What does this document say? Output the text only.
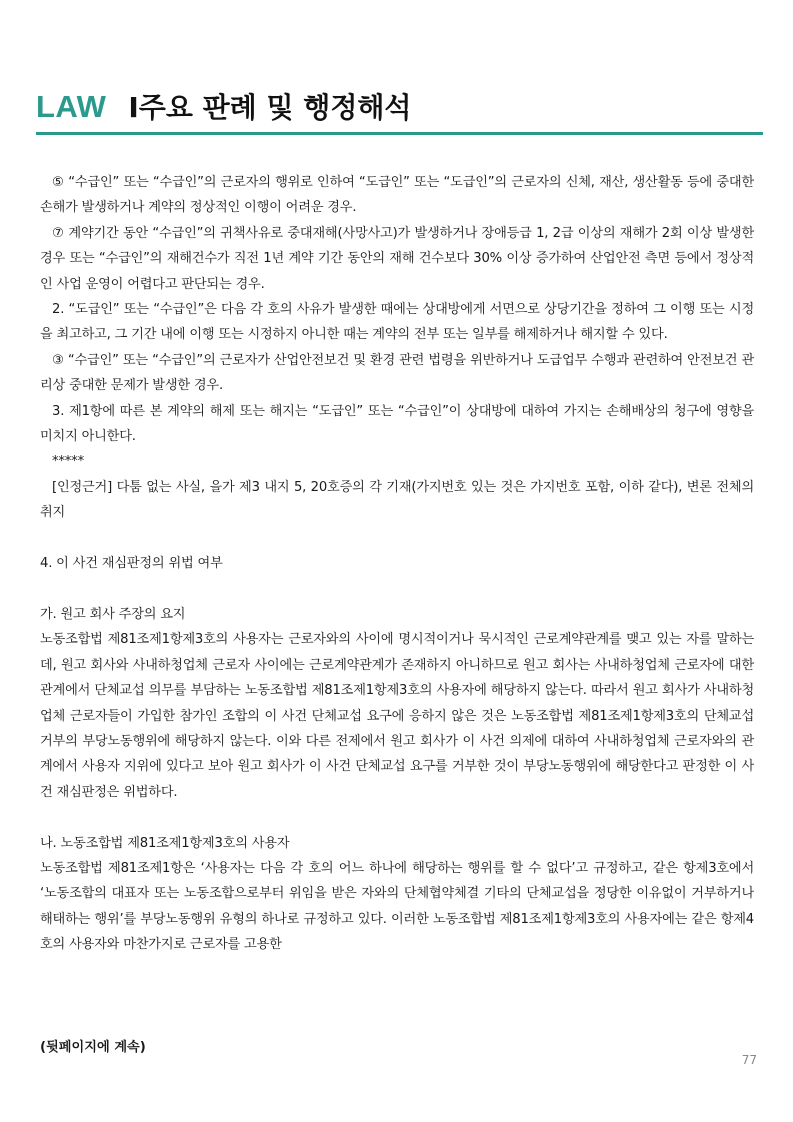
LAW Ⅰ주요 판례 및 행정해석

⑤ “수급인” 또는 “수급인”의 근로자의 행위로 인하여 “도급인” 또는 “도급인”의 근로자의 신체, 재산, 생산활동 등에 중대한 손해가 발생하거나 계약의 정상적인 이행이 어려운 경우.

⑦ 계약기간 동안 “수급인”의 귀책사유로 중대재해(사망사고)가 발생하거나 장애등급 1, 2급 이상의 재해가 2회 이상 발생한 경우 또는 “수급인”의 재해건수가 직전 1년 계약 기간 동안의 재해 건수보다 30% 이상 증가하여 산업안전 측면 등에서 정상적인 사업 운영이 어렵다고 판단되는 경우.

2. “도급인” 또는 “수급인”은 다음 각 호의 사유가 발생한 때에는 상대방에게 서면으로 상당기간을 정하여 그 이행 또는 시정을 최고하고, 그 기간 내에 이행 또는 시정하지 아니한 때는 계약의 전부 또는 일부를 해제하거나 해지할 수 있다.

③ “수급인” 또는 “수급인”의 근로자가 산업안전보건 및 환경 관련 법령을 위반하거나 도급업무 수행과 관련하여 안전보건 관리상 중대한 문제가 발생한 경우.

3. 제1항에 따른 본 계약의 해제 또는 해지는 “도급인” 또는 “수급인”이 상대방에 대하여 가지는 손해배상의 청구에 영향을 미치지 아니한다.

*****

[인정근거] 다툼 없는 사실, 을가 제3 내지 5, 20호증의 각 기재(가지번호 있는 것은 가지번호 포함, 이하 같다), 변론 전체의 취지

4. 이 사건 재심판정의 위법 여부

가. 원고 회사 주장의 요지

노동조합법 제81조제1항제3호의 사용자는 근로자와의 사이에 명시적이거나 묵시적인 근로계약관계를 맺고 있는 자를 말하는데, 원고 회사와 사내하청업체 근로자 사이에는 근로계약관계가 존재하지 아니하므로 원고 회사는 사내하청업체 근로자에 대한 관계에서 단체교섭 의무를 부담하는 노동조합법 제81조제1항제3호의 사용자에 해당하지 않는다. 따라서 원고 회사가 사내하청업체 근로자들이 가입한 참가인 조합의 이 사건 단체교섭 요구에 응하지 않은 것은 노동조합법 제81조제1항제3호의 단체교섭 거부의 부당노동행위에 해당하지 않는다. 이와 다른 전제에서 원고 회사가 이 사건 의제에 대하여 사내하청업체 근로자와의 관계에서 사용자 지위에 있다고 보아 원고 회사가 이 사건 단체교섭 요구를 거부한 것이 부당노동행위에 해당한다고 판정한 이 사건 재심판정은 위법하다.

나. 노동조합법 제81조제1항제3호의 사용자

노동조합법 제81조제1항은 ‘사용자는 다음 각 호의 어느 하나에 해당하는 행위를 할 수 없다’고 규정하고, 같은 항제3호에서 ‘노동조합의 대표자 또는 노동조합으로부터 위임을 받은 자와의 단체협약체결 기타의 단체교섭을 정당한 이유없이 거부하거나 해태하는 행위’를 부당노동행위 유형의 하나로 규정하고 있다. 이러한 노동조합법 제81조제1항제3호의 사용자에는 같은 항제4호의 사용자와 마찬가지로 근로자를 고용한

(뒷페이지에 계속)
77
